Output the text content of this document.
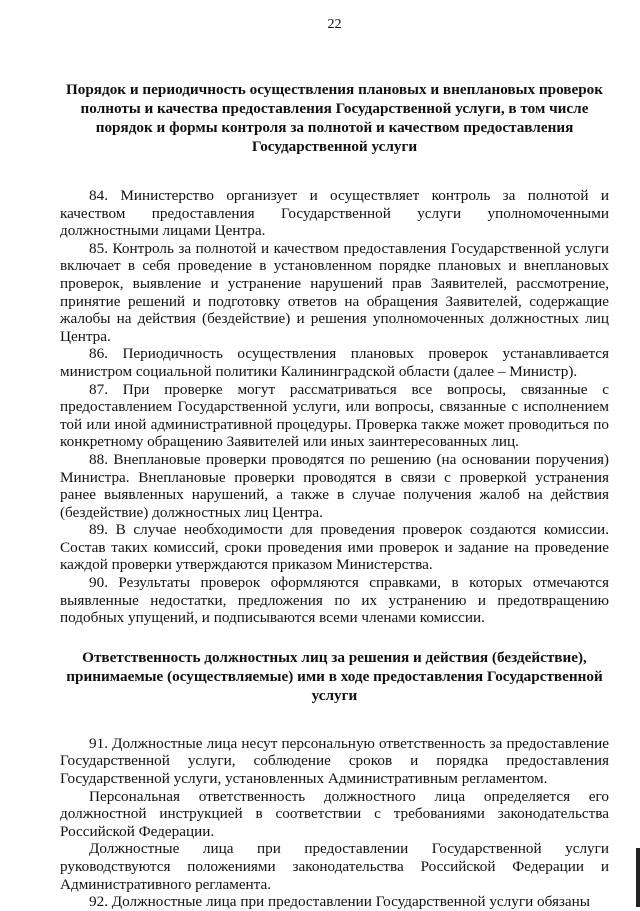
22
Порядок и периодичность осуществления плановых и внеплановых проверок полноты и качества предоставления Государственной услуги, в том числе порядок и формы контроля за полнотой и качеством предоставления Государственной услуги

84. Министерство организует и осуществляет контроль за полнотой и качеством предоставления Государственной услуги уполномоченными должностными лицами Центра.

85. Контроль за полнотой и качеством предоставления Государственной услуги включает в себя проведение в установленном порядке плановых и внеплановых проверок, выявление и устранение нарушений прав Заявителей, рассмотрение, принятие решений и подготовку ответов на обращения Заявителей, содержащие жалобы на действия (бездействие) и решения уполномоченных должностных лиц Центра.

86. Периодичность осуществления плановых проверок устанавливается министром социальной политики Калининградской области (далее – Министр).

87. При проверке могут рассматриваться все вопросы, связанные с предоставлением Государственной услуги, или вопросы, связанные с исполнением той или иной административной процедуры. Проверка также может проводиться по конкретному обращению Заявителей или иных заинтересованных лиц.

88. Внеплановые проверки проводятся по решению (на основании поручения) Министра. Внеплановые проверки проводятся в связи с проверкой устранения ранее выявленных нарушений, а также в случае получения жалоб на действия (бездействие) должностных лиц Центра.

89. В случае необходимости для проведения проверок создаются комиссии. Состав таких комиссий, сроки проведения ими проверок и задание на проведение каждой проверки утверждаются приказом Министерства.

90. Результаты проверок оформляются справками, в которых отмечаются выявленные недостатки, предложения по их устранению и предотвращению подобных упущений, и подписываются всеми членами комиссии.

Ответственность должностных лиц за решения и действия (бездействие), принимаемые (осуществляемые) ими в ходе предоставления Государственной услуги

91. Должностные лица несут персональную ответственность за предоставление Государственной услуги, соблюдение сроков и порядка предоставления Государственной услуги, установленных Административным регламентом.

Персональная ответственность должностного лица определяется его должностной инструкцией в соответствии с требованиями законодательства Российской Федерации.

Должностные лица при предоставлении Государственной услуги руководствуются положениями законодательства Российской Федерации и Административного регламента.

92. Должностные лица при предоставлении Государственной услуги обязаны
